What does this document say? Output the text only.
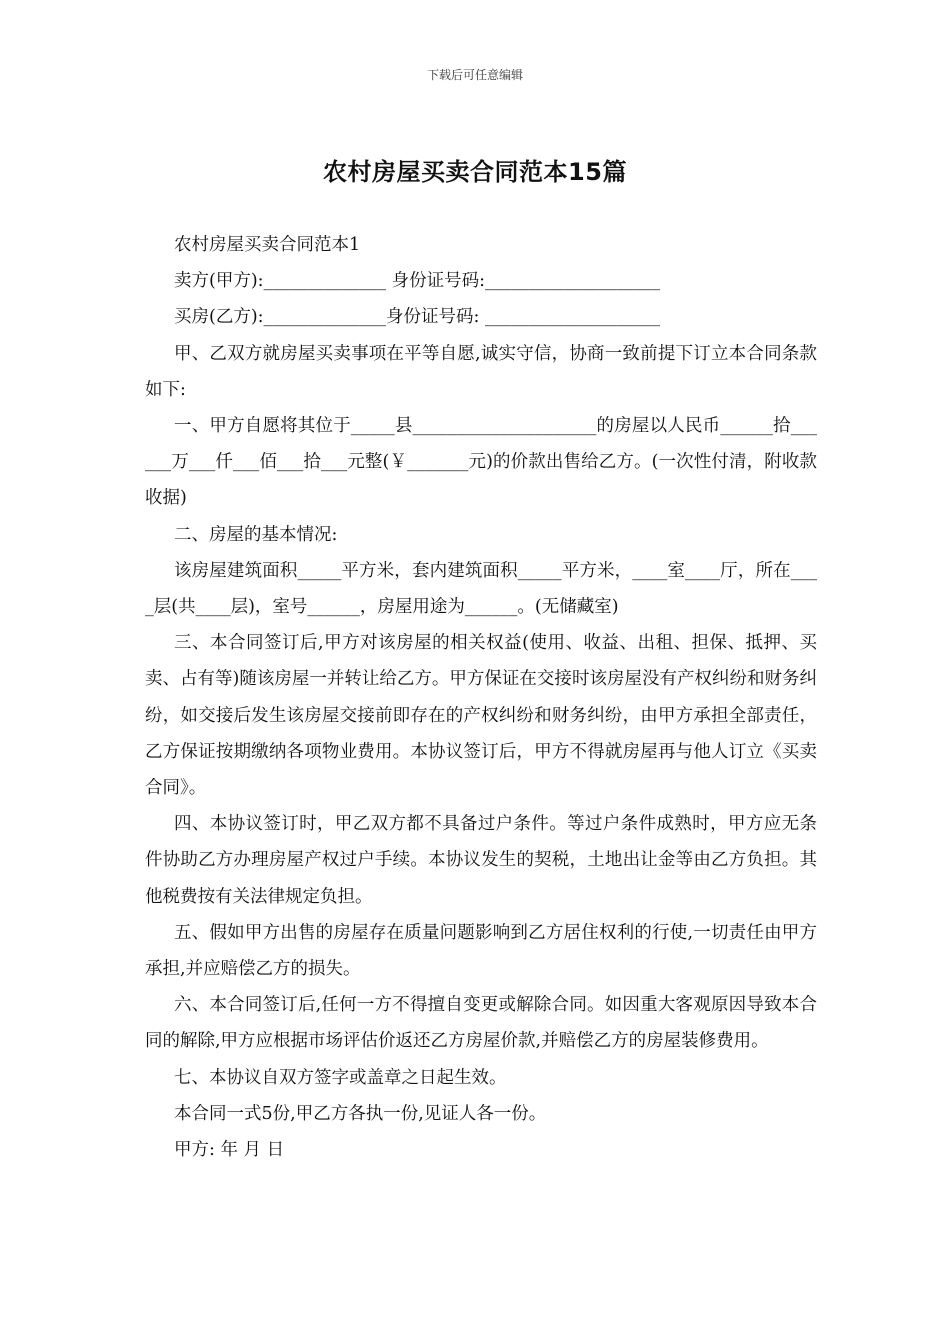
下载后可任意编辑
农村房屋买卖合同范本15篇

农村房屋买卖合同范本1

卖方(甲方):______________ 身份证号码:____________________

买房(乙方):______________身份证号码: ____________________

甲、乙双方就房屋买卖事项在平等自愿,诚实守信，协商一致前提下订立本合同条款如下:

一、甲方自愿将其位于_____县_____________________的房屋以人民币______拾______万___仟___佰___拾___元整(￥_______元)的价款出售给乙方。(一次性付清，附收款收据)

二、房屋的基本情况:

该房屋建筑面积_____平方米，套内建筑面积_____平方米，____室____厅，所在____层(共____层)，室号______，房屋用途为______。(无储藏室)

三、本合同签订后,甲方对该房屋的相关权益(使用、收益、出租、担保、抵押、买卖、占有等)随该房屋一并转让给乙方。甲方保证在交接时该房屋没有产权纠纷和财务纠纷，如交接后发生该房屋交接前即存在的产权纠纷和财务纠纷，由甲方承担全部责任，乙方保证按期缴纳各项物业费用。本协议签订后，甲方不得就房屋再与他人订立《买卖合同》。

四、本协议签订时，甲乙双方都不具备过户条件。等过户条件成熟时，甲方应无条件协助乙方办理房屋产权过户手续。本协议发生的契税，土地出让金等由乙方负担。其他税费按有关法律规定负担。

五、假如甲方出售的房屋存在质量问题影响到乙方居住权利的行使,一切责任由甲方承担,并应赔偿乙方的损失。

六、本合同签订后,任何一方不得擅自变更或解除合同。如因重大客观原因导致本合同的解除,甲方应根据市场评估价返还乙方房屋价款,并赔偿乙方的房屋装修费用。

七、本协议自双方签字或盖章之日起生效。

本合同一式5份,甲乙方各执一份,见证人各一份。

甲方: 年 月 日
